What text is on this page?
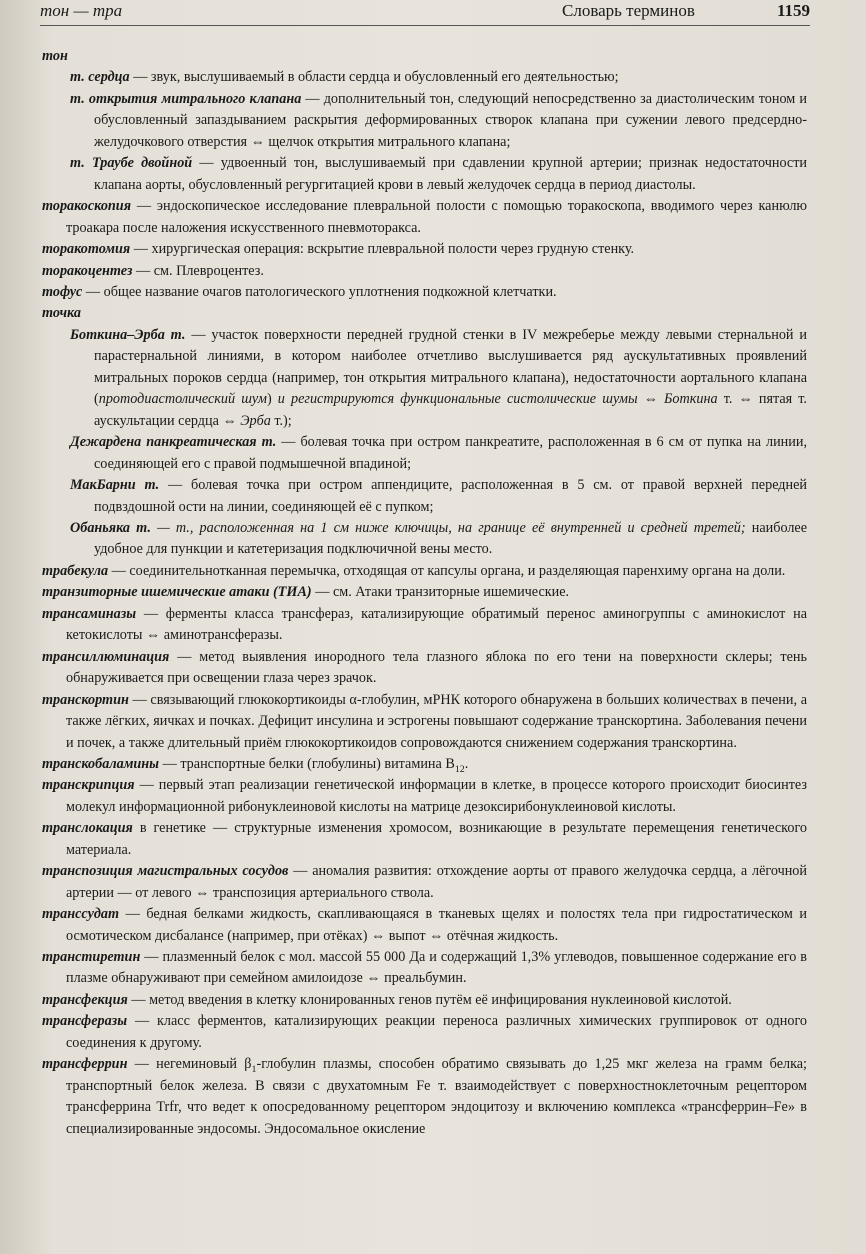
тон — тра	Словарь терминов	1159

тон

т. сердца — звук, выслушиваемый в области сердца и обусловленный его деятельностью;

т. открытия митрального клапана — дополнительный тон, следующий непосредственно за диастолическим тоном и обусловленный запаздыванием раскрытия деформированных створок клапана при сужении левого предсердно-желудочкового отверстия ⇔ щелчок открытия митрального клапана;

т. Траубе двойной — удвоенный тон, выслушиваемый при сдавлении крупной артерии; признак недостаточности клапана аорты, обусловленный регургитацией крови в левый желудочек сердца в период диастолы.

торакоскопия — эндоскопическое исследование плевральной полости с помощью торакоскопа, вводимого через канюлю троакара после наложения искусственного пневмоторакса.

торакотомия — хирургическая операция: вскрытие плевральной полости через грудную стенку.

торакоцентез — см. Плевроцентез.

тофус — общее название очагов патологического уплотнения подкожной клетчатки.

точка

Боткина–Эрба т. — участок поверхности передней грудной стенки в IV межреберье между левыми стернальной и парастернальной линиями, в котором наиболее отчетливо выслушивается ряд аускультативных проявлений митральных пороков сердца (например, тон открытия митрального клапана), недостаточности аортального клапана (протодиастолический шум) и регистрируются функциональные систолические шумы ⇔ Боткина т. ⇔ пятая т. аускультации сердца ⇔ Эрба т.);

Дежардена панкреатическая т. — болевая точка при остром панкреатите, расположенная в 6 см от пупка на линии, соединяющей его с правой подмышечной впадиной;

МакБарни т. — болевая точка при остром аппендиците, расположенная в 5 см. от правой верхней передней подвздошной ости на линии, соединяющей её с пупком;

Обаньяка т. — т., расположенная на 1 см ниже ключицы, на границе её внутренней и средней третей; наиболее удобное для пункции и катетеризация подключичной вены место.

трабекула — соединительнотканная перемычка, отходящая от капсулы органа, и разделяющая паренхиму органа на доли.

транзиторные ишемические атаки (ТИА) — см. Атаки транзиторные ишемические.

трансаминазы — ферменты класса трансфераз, катализирующие обратимый перенос аминогруппы с аминокислот на кетокислоты ⇔ аминотрансферазы.

трансиллюминация — метод выявления инородного тела глазного яблока по его тени на поверхности склеры; тень обнаруживается при освещении глаза через зрачок.

транскортин — связывающий глюкокортикоиды α-глобулин, мРНК которого обнаружена в больших количествах в печени, а также лёгких, яичках и почках. Дефицит инсулина и эстрогены повышают содержание транскортина. Заболевания печени и почек, а также длительный приём глюкокортикоидов сопровождаются снижением содержания транскортина.

транскобаламины — транспортные белки (глобулины) витамина $B_{12}$.

транскрипция — первый этап реализации генетической информации в клетке, в процессе которого происходит биосинтез молекул информационной рибонуклеиновой кислоты на матрице дезоксирибонуклеиновой кислоты.

транслокация в генетике — структурные изменения хромосом, возникающие в результате перемещения генетического материала.

транспозиция магистральных сосудов — аномалия развития: отхождение аорты от правого желудочка сердца, а лёгочной артерии — от левого ⇔ транспозиция артериального ствола.

транссудат — бедная белками жидкость, скапливающаяся в тканевых щелях и полостях тела при гидростатическом и осмотическом дисбалансе (например, при отёках) ⇔ выпот ⇔ отёчная жидкость.

транстиретин — плазменный белок с мол. массой 55 000 Да и содержащий 1,3% углеводов, повышенное содержание его в плазме обнаруживают при семейном амилоидозе ⇔ преальбумин.

трансфекция — метод введения в клетку клонированных генов путём её инфицирования нуклеиновой кислотой.

трансферазы — класс ферментов, катализирующих реакции переноса различных химических группировок от одного соединения к другому.

трансферрин — негеминовый $\beta_1$-глобулин плазмы, способен обратимо связывать до 1,25 мкг железа на грамм белка; транспортный белок железа. В связи с двухатомным Fe т. взаимодействует с поверхностноклеточным рецептором трансферрина Trfr, что ведет к опосредованному рецептором эндоцитозу и включению комплекса «трансферрин–Fe» в специализированные эндосомы. Эндосомальное окисление
